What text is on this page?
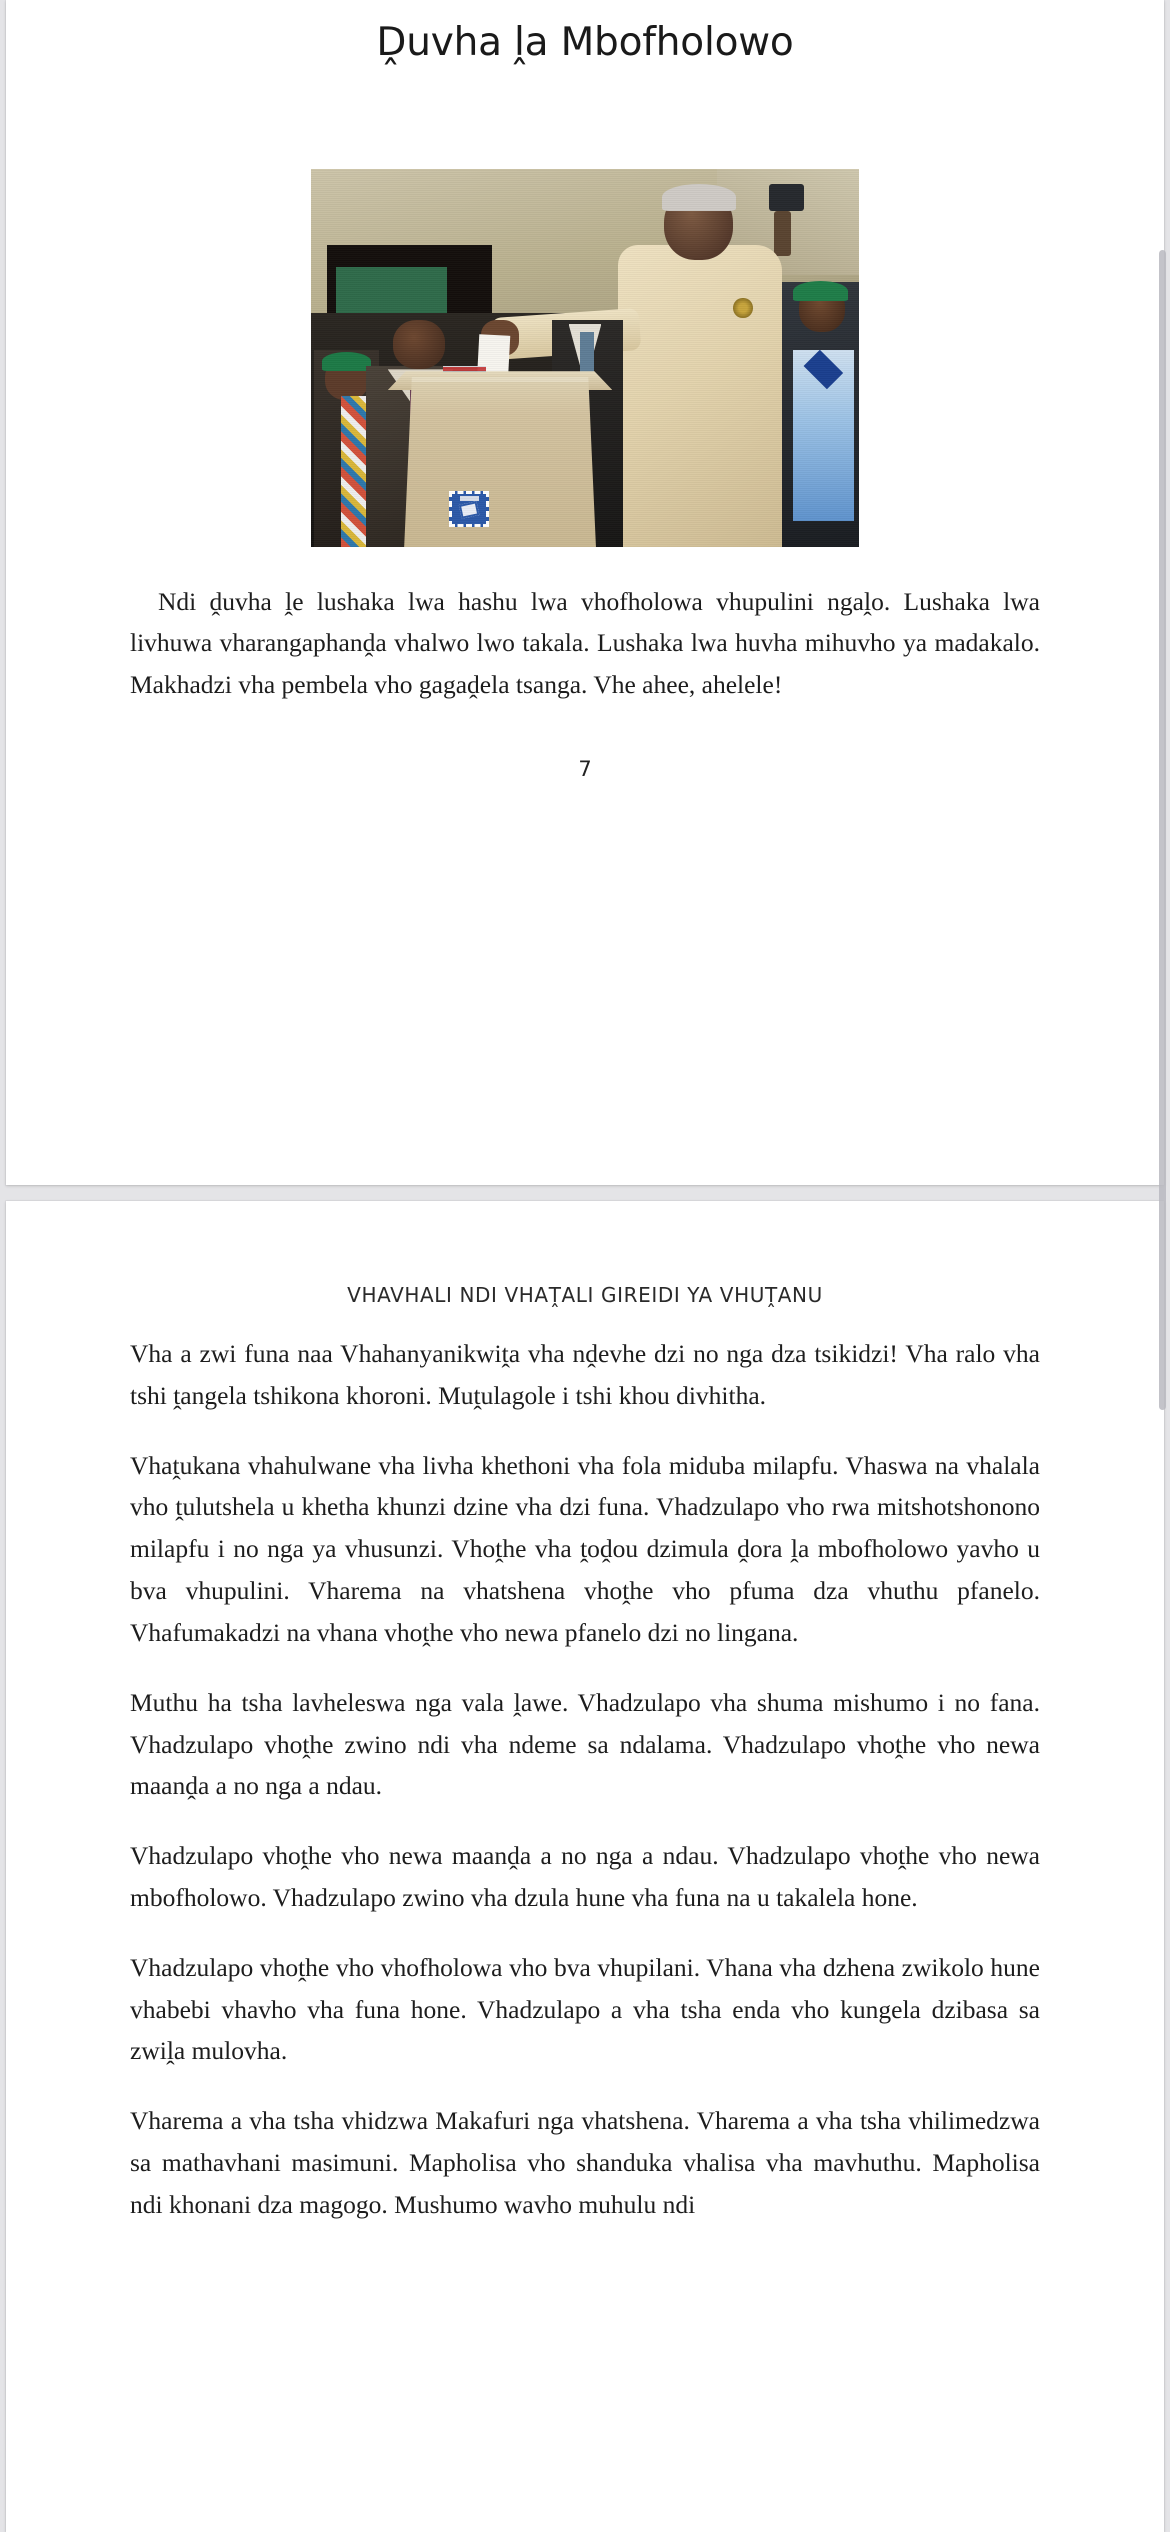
Ḓuvha ḽa Mbofholowo

Ndi ḓuvha ḽe lushaka lwa hashu lwa vhofholowa vhupulini ngaḽo. Lushaka lwa livhuwa vharangaphanḓa vhalwo lwo takala. Lushaka lwa huvha mihuvho ya madakalo. Makhadzi vha pembela vho gagaḓela tsanga. Vhe ahee, ahelele!

7
VHAVHALI NDI VHAṰALI GIREIDI YA VHUṰANU

Vha a zwi funa naa Vhahanyanikwiṱa vha nḓevhe dzi no nga dza tsikidzi! Vha ralo vha tshi ṱangela tshikona khoroni. Muṱulagole i tshi khou divhitha.

Vhaṱukana vhahulwane vha livha khethoni vha fola miduba milapfu. Vhaswa na vhalala vho ṱulutshela u khetha khunzi dzine vha dzi funa. Vhadzulapo vho rwa mitshotshonono milapfu i no nga ya vhusunzi. Vhoṱhe vha ṱoḓou dzimula ḓora ḽa mbofholowo yavho u bva vhupulini. Vharema na vhatshena vhoṱhe vho pfuma dza vhuthu pfanelo. Vhafumakadzi na vhana vhoṱhe vho newa pfanelo dzi no lingana.

Muthu ha tsha lavheleswa nga vala ḽawe. Vhadzulapo vha shuma mishumo i no fana. Vhadzulapo vhoṱhe zwino ndi vha ndeme sa ndalama. Vhadzulapo vhoṱhe vho newa maanḓa a no nga a ndau.

Vhadzulapo vhoṱhe vho newa maanḓa a no nga a ndau. Vhadzulapo vhoṱhe vho newa mbofholowo. Vhadzulapo zwino vha dzula hune vha funa na u takalela hone.

Vhadzulapo vhoṱhe vho vhofholowa vho bva vhupilani. Vhana vha dzhena zwikolo hune vhabebi vhavho vha funa hone. Vhadzulapo a vha tsha enda vho kungela dzibasa sa zwiḽa mulovha.

Vharema a vha tsha vhidzwa Makafuri nga vhatshena. Vharema a vha tsha vhilimedzwa sa mathavhani masimuni. Mapholisa vho shanduka vhalisa vha mavhuthu. Mapholisa ndi khonani dza magogo. Mushumo wavho muhulu ndi
